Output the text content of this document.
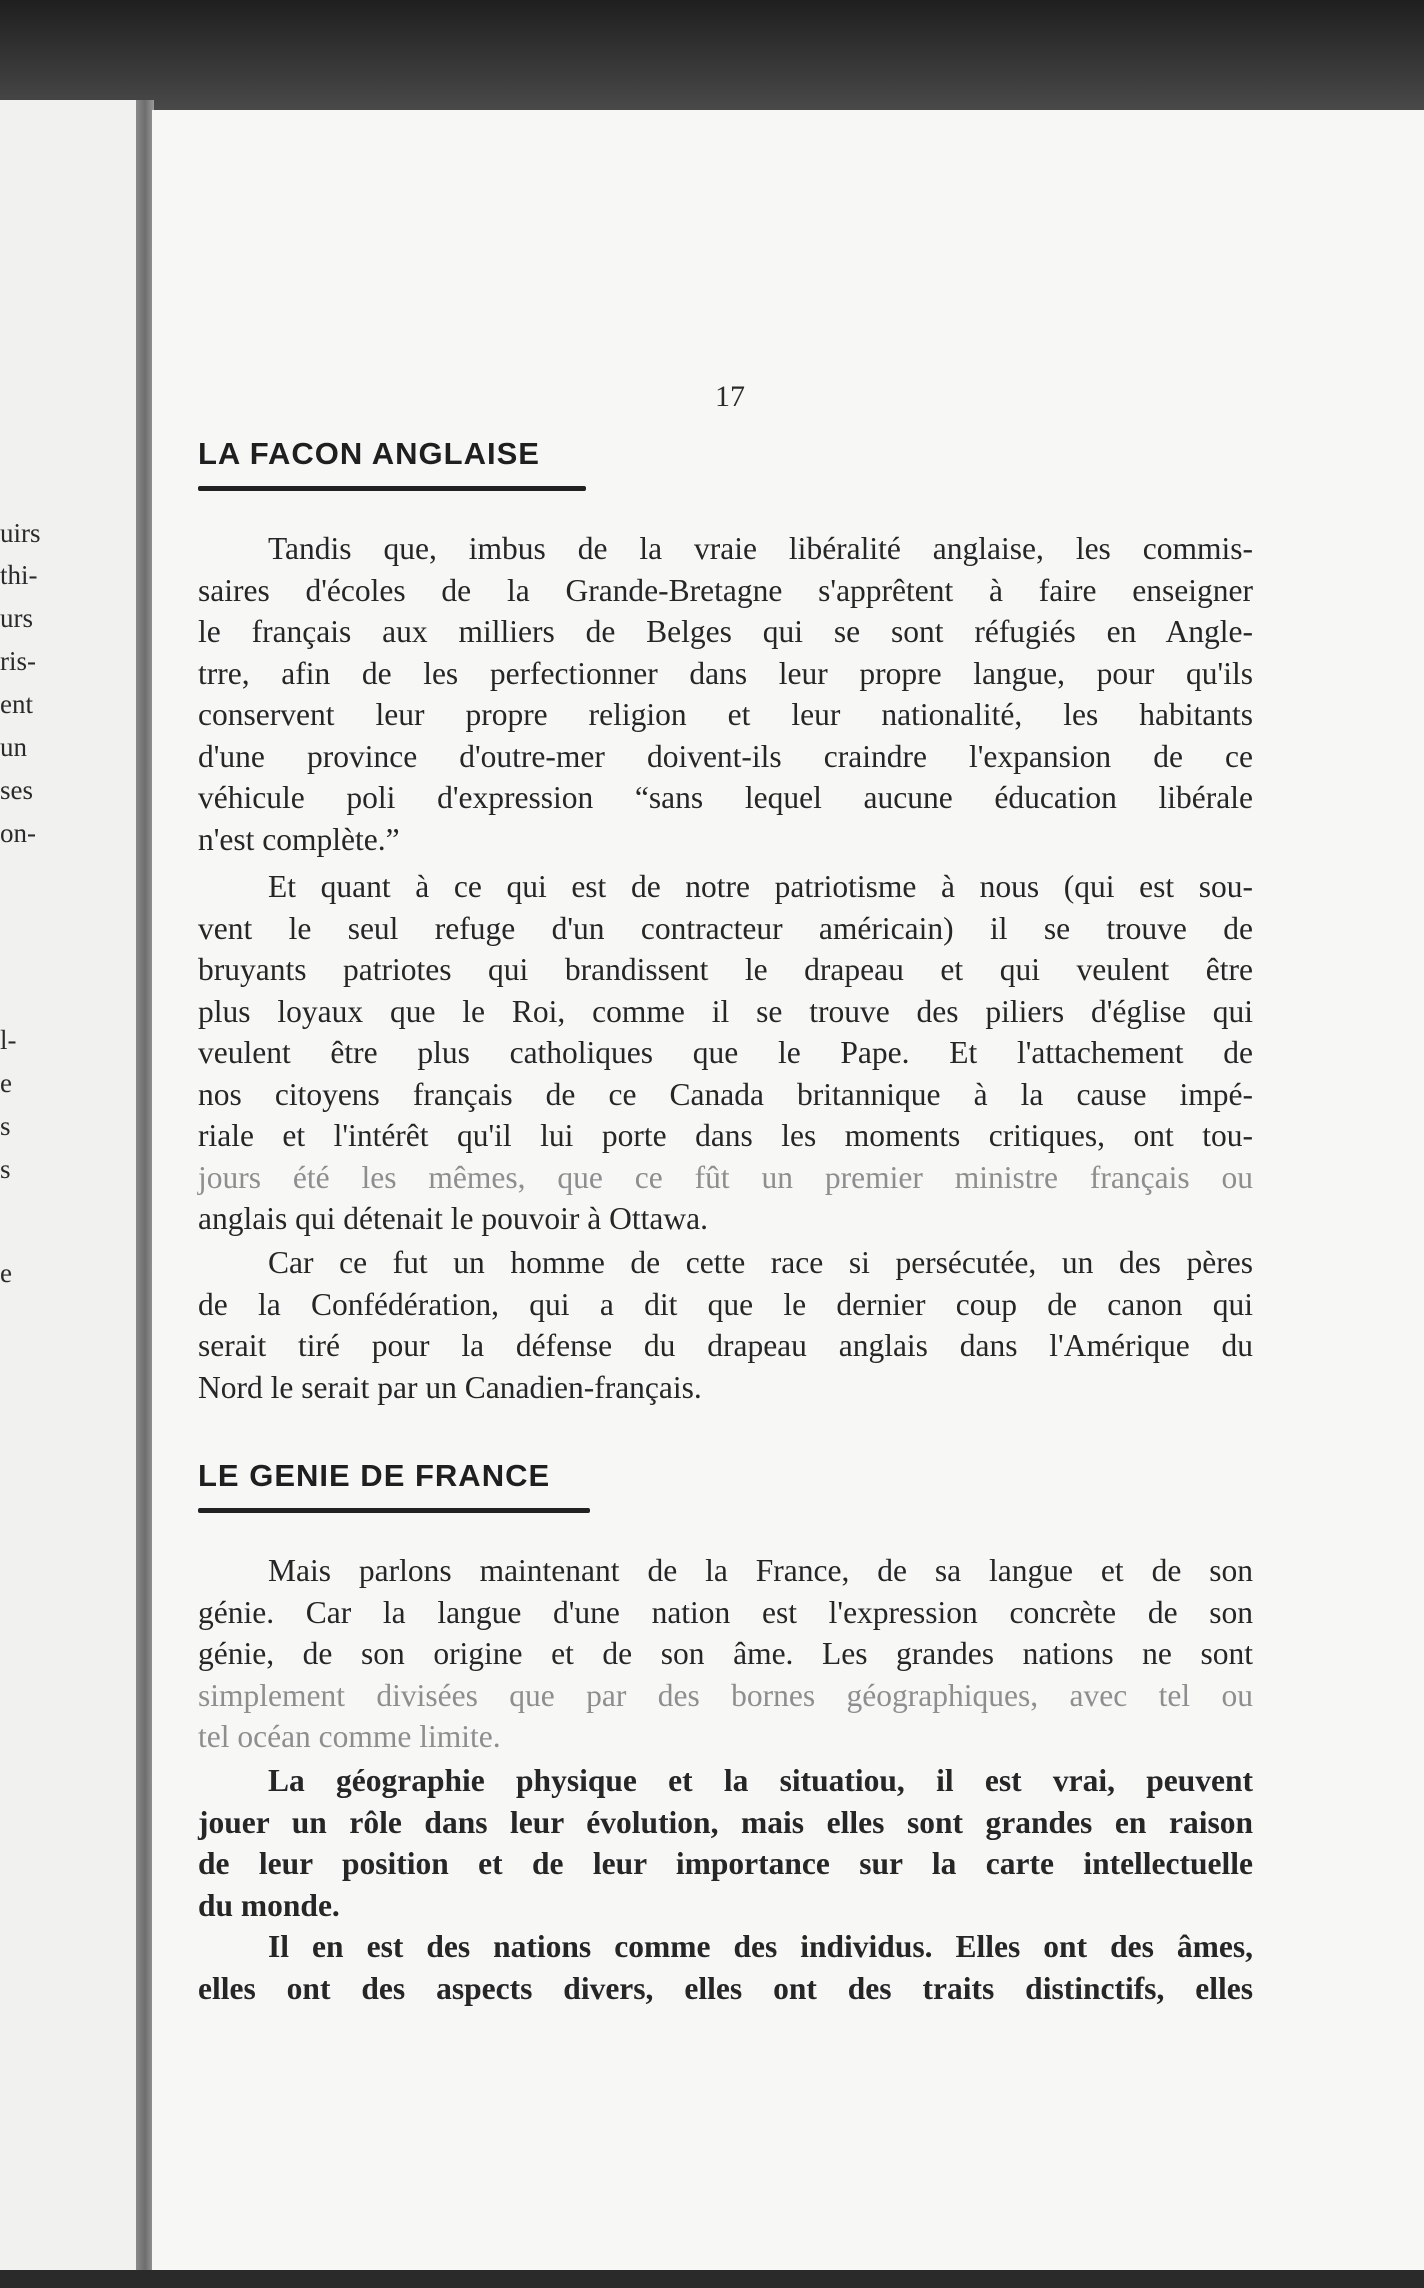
uirs
thi-
urs
ris-
ent
un
ses
on-
l-
e
s
s
e
17
LA FACON ANGLAISE
Tandis que, imbus de la vraie libéralité anglaise, les commis-
saires d'écoles de la Grande-Bretagne s'apprêtent à faire enseigner
le français aux milliers de Belges qui se sont réfugiés en Angle-
trre, afin de les perfectionner dans leur propre langue, pour qu'ils
conservent leur propre religion et leur nationalité, les habitants
d'une province d'outre-mer doivent-ils craindre l'expansion de ce
véhicule poli d'expression “sans lequel aucune éducation libérale
n'est complète.”
Et quant à ce qui est de notre patriotisme à nous (qui est sou-
vent le seul refuge d'un contracteur américain) il se trouve de
bruyants patriotes qui brandissent le drapeau et qui veulent être
plus loyaux que le Roi, comme il se trouve des piliers d'église qui
veulent être plus catholiques que le Pape. Et l'attachement de
nos citoyens français de ce Canada britannique à la cause impé-
riale et l'intérêt qu'il lui porte dans les moments critiques, ont tou-
jours été les mêmes, que ce fût un premier ministre français ou
anglais qui détenait le pouvoir à Ottawa.
Car ce fut un homme de cette race si persécutée, un des pères
de la Confédération, qui a dit que le dernier coup de canon qui
serait tiré pour la défense du drapeau anglais dans l'Amérique du
Nord le serait par un Canadien-français.
LE GENIE DE FRANCE
Mais parlons maintenant de la France, de sa langue et de son
génie. Car la langue d'une nation est l'expression concrète de son
génie, de son origine et de son âme. Les grandes nations ne sont
simplement divisées que par des bornes géographiques, avec tel ou
tel océan comme limite.
La géographie physique et la situatiou, il est vrai, peuvent
jouer un rôle dans leur évolution, mais elles sont grandes en raison
de leur position et de leur importance sur la carte intellectuelle
du monde.
Il en est des nations comme des individus. Elles ont des âmes,
elles ont des aspects divers, elles ont des traits distinctifs, elles
